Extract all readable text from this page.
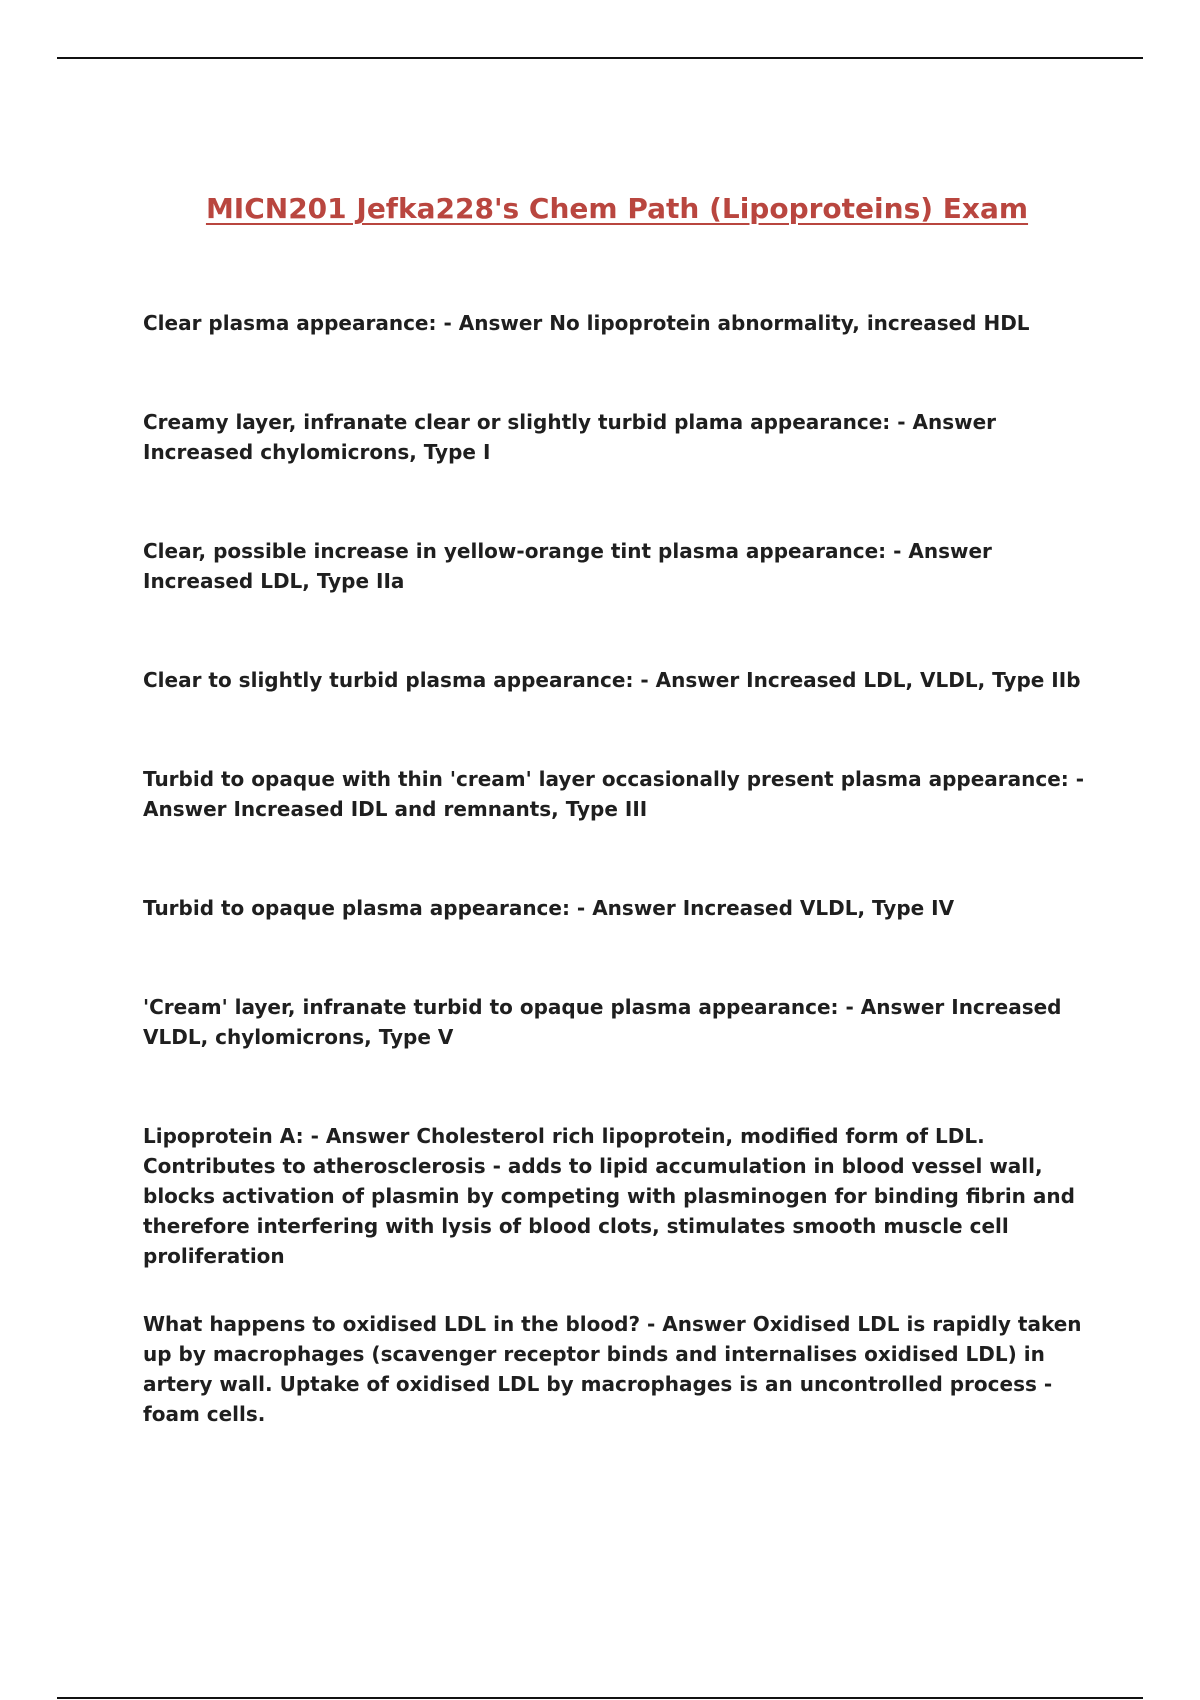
MICN201 Jefka228's Chem Path (Lipoproteins) Exam

Clear plasma appearance: - Answer No lipoprotein abnormality, increased HDL

Creamy layer, infranate clear or slightly turbid plama appearance: - Answer Increased chylomicrons, Type I

Clear, possible increase in yellow-orange tint plasma appearance: - Answer Increased LDL, Type IIa

Clear to slightly turbid plasma appearance: - Answer Increased LDL, VLDL, Type IIb

Turbid to opaque with thin 'cream' layer occasionally present plasma appearance: - Answer Increased IDL and remnants, Type III

Turbid to opaque plasma appearance: - Answer Increased VLDL, Type IV

'Cream' layer, infranate turbid to opaque plasma appearance: - Answer Increased VLDL, chylomicrons, Type V

Lipoprotein A: - Answer Cholesterol rich lipoprotein, modified form of LDL. Contributes to atherosclerosis - adds to lipid accumulation in blood vessel wall, blocks activation of plasmin by competing with plasminogen for binding fibrin and therefore interfering with lysis of blood clots, stimulates smooth muscle cell proliferation

What happens to oxidised LDL in the blood? - Answer Oxidised LDL is rapidly taken up by macrophages (scavenger receptor binds and internalises oxidised LDL) in artery wall. Uptake of oxidised LDL by macrophages is an uncontrolled process - foam cells.
